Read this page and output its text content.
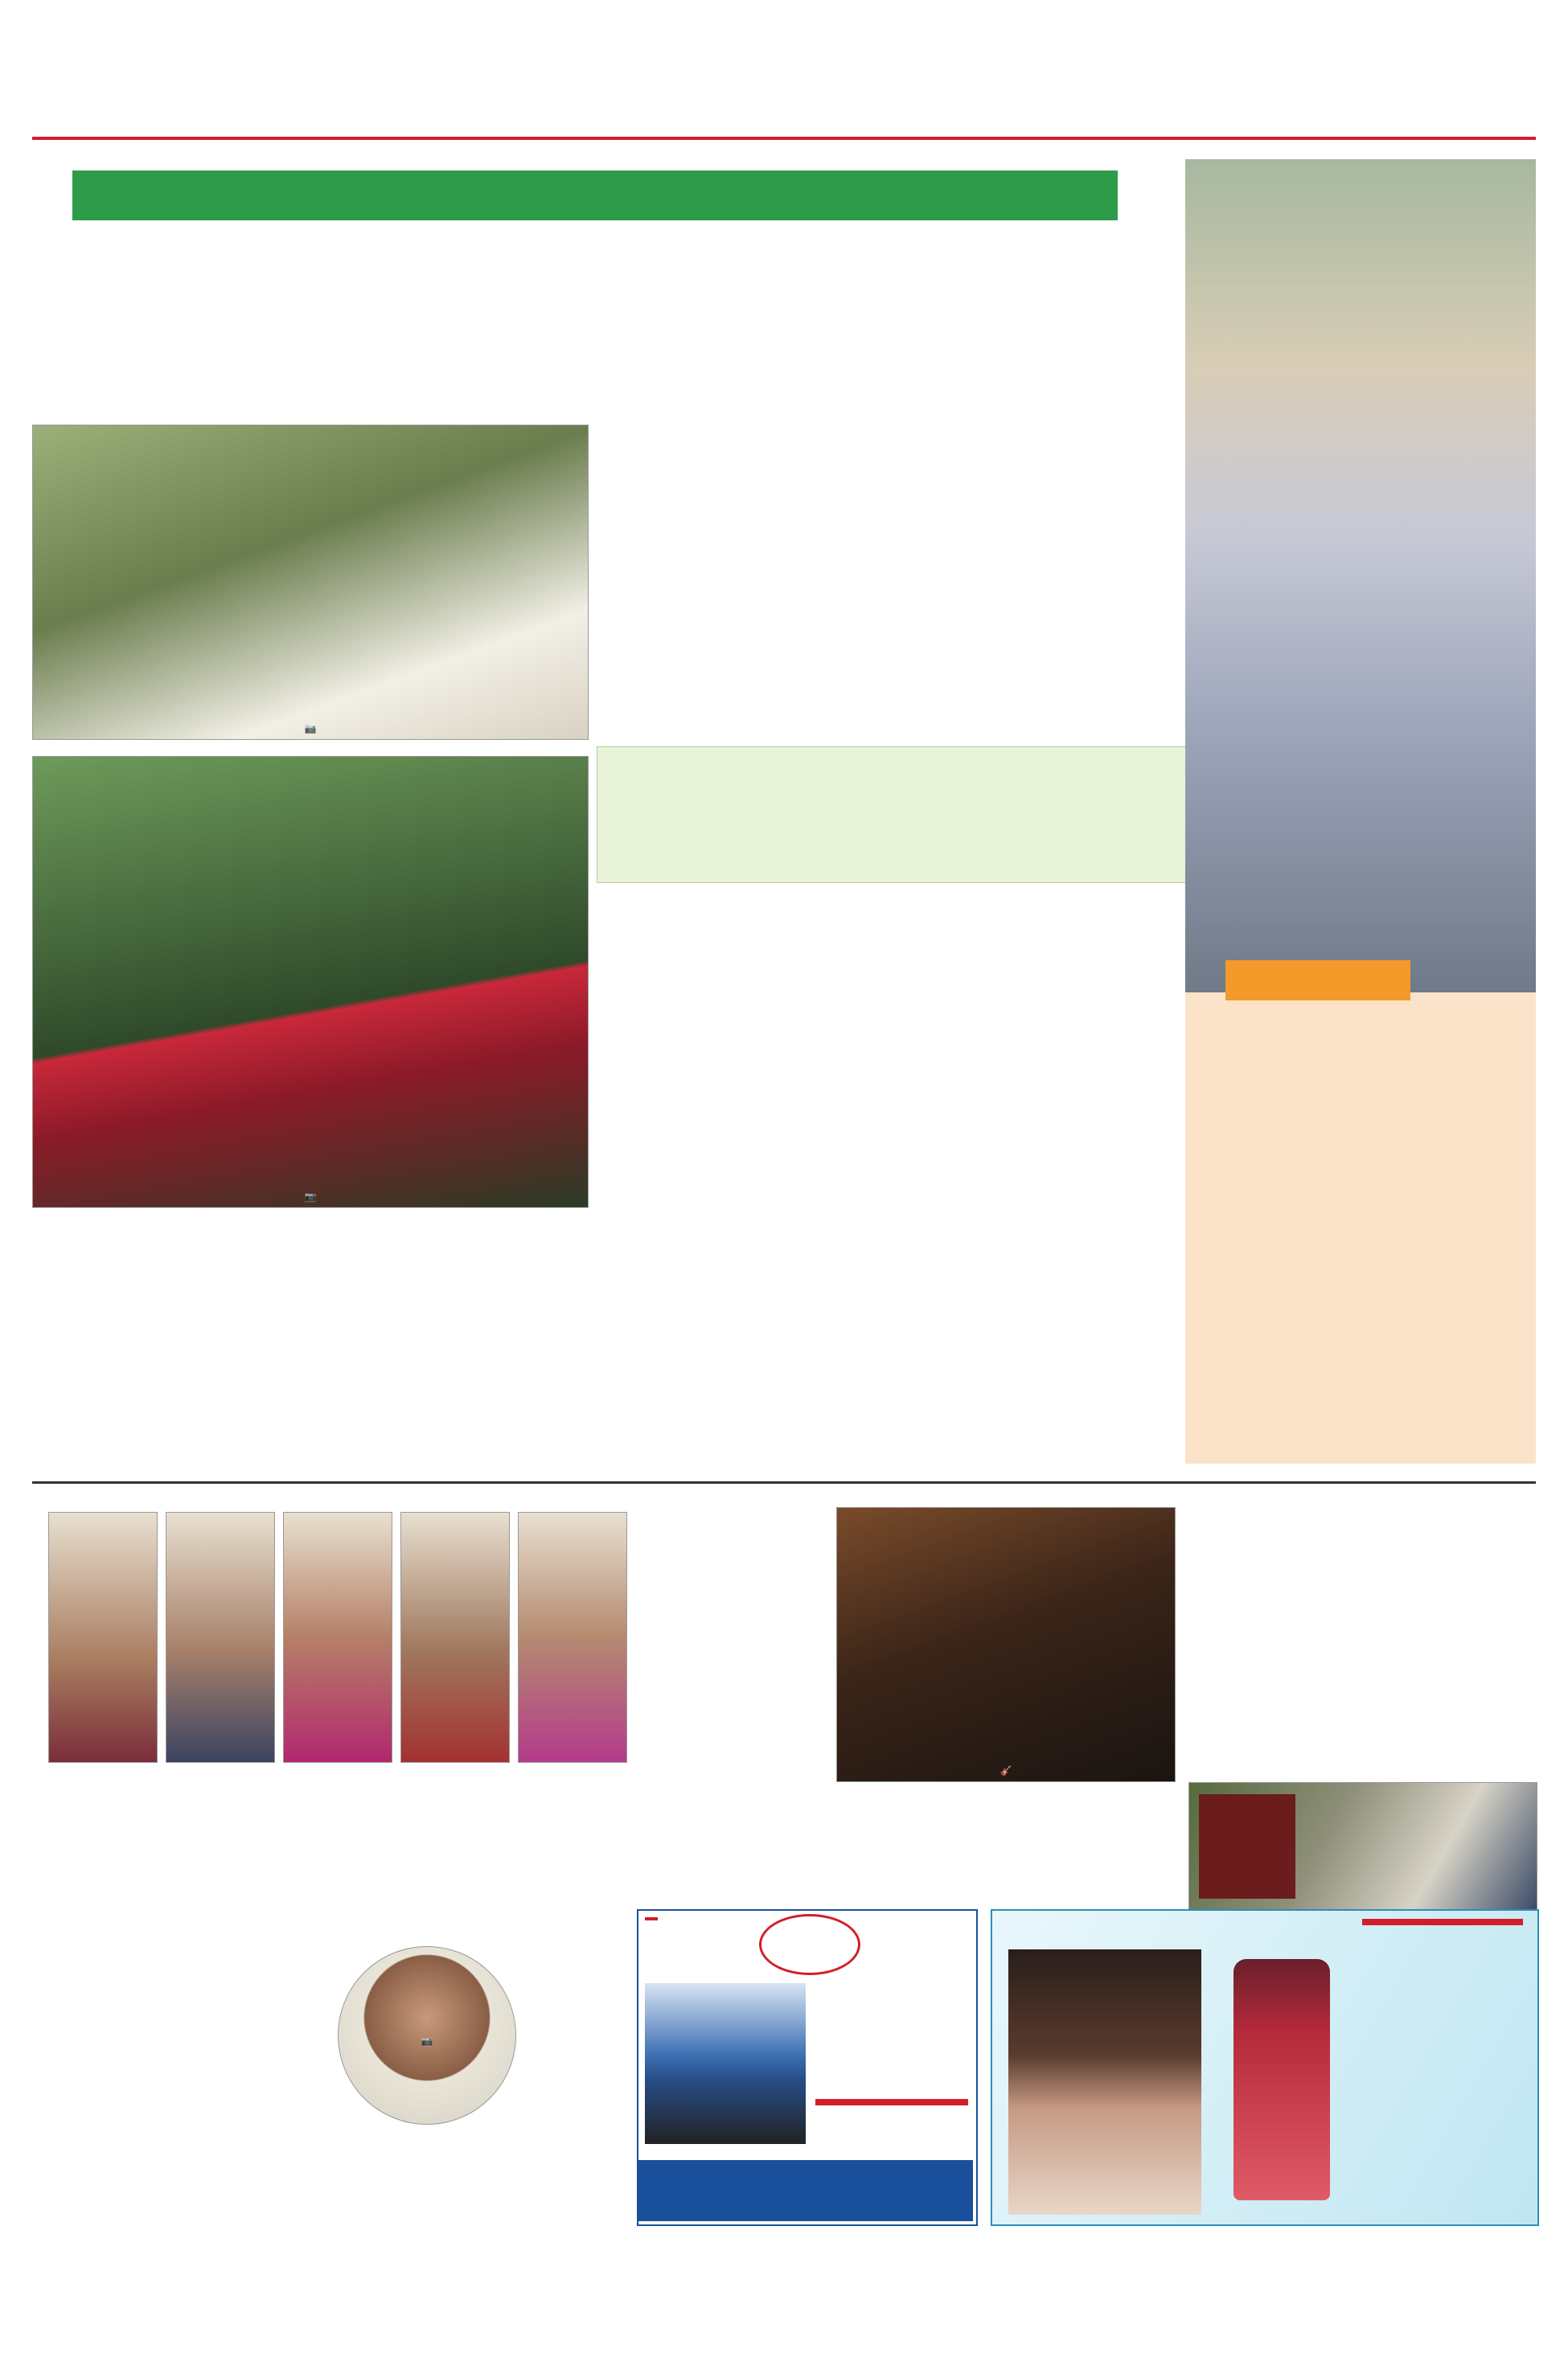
📷
📷
📷
🎸
